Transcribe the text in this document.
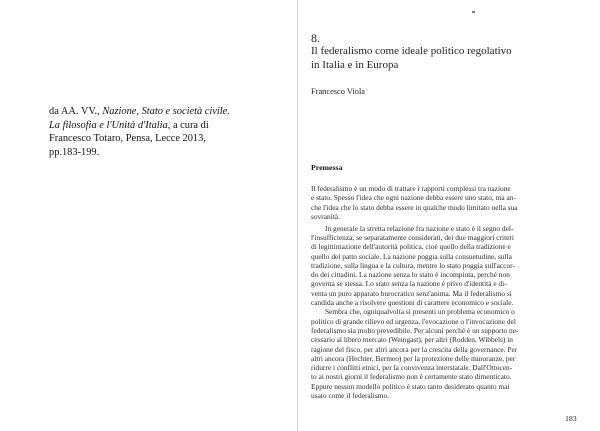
da AA. VV., Nazione, Stato e società civile.
La filosofia e l'Unità d'Italia, a cura di
Francesco Totaro, Pensa, Lecce 2013,
pp.183-199.
8.
Il federalismo come ideale politico regolativo
in Italia e in Europa
Francesco Viola
Premessa
Il federalismo è un modo di trattare i rapporti complessi tra nazione
e stato. Spesso l'idea che ogni nazione debba essere uno stato, ma an-
che l'idea che lo stato debba essere in qualche modo limitato nella sua
sovranità.
In generale la stretta relazione fra nazione e stato è il segno del-
l'insufficienza, se separatamente considerati, dei due maggiori criteri
di legittimazione dell'autorità politica, cioè quello della tradizione e
quello del patto sociale. La nazione poggia sulla consuetudine, sulla
tradizione, sulla lingua e la cultura, mentre lo stato poggia sull'accor-
do dei cittadini. La nazione senza lo stato è incompiuta, perché non
governa se stessa. Lo stato senza la nazione è privo d'identità e di-
venta un puro apparato burocratico senz'anima. Ma il federalismo si
candida anche a risolvere questioni di carattere economico e sociale.
Sembra che, ogniqualvolta si presenti un problema economico o
politico di grande rilievo ed urgenza, l'evocazione o l'invocazione del
federalismo sia molto prevedibile. Per alcuni perché è un supporto ne-
cessario al libero mercato (Weingast), per altri (Rodden, Wibbels) in
ragione del fisco, per altri ancora per la crescita della governance. Per
altri ancora (Hechter, Bermeo) per la protezione delle minoranze, per
ridurre i conflitti etnici, per la convivenza interstatale. Dall'Ottocen-
to ai nostri giorni il federalismo non è certamente stato dimenticato.
Eppure nessun modello politico è stato tanto desiderato quanto mai
usato come il federalismo.
183
